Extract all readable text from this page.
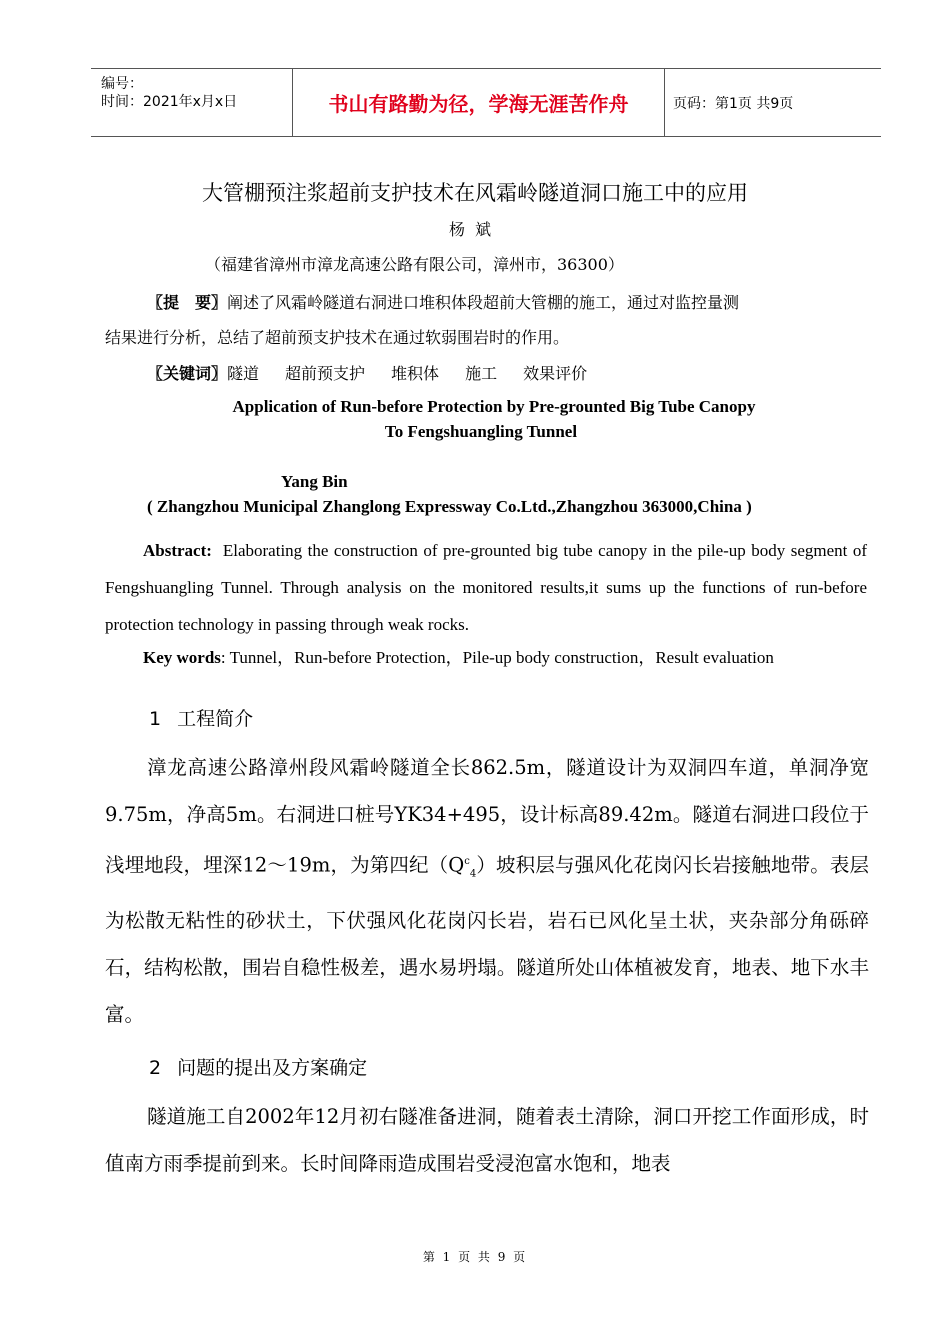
编号：
时间：2021年x月x日	书山有路勤为径，学海无涯苦作舟	页码：第1页 共9页
大管棚预注浆超前支护技术在风霜岭隧道洞口施工中的应用
杨斌
（福建省漳州市漳龙高速公路有限公司，漳州市，36300）
〖提　要〗阐述了风霜岭隧道右洞进口堆积体段超前大管棚的施工，通过对监控量测
结果进行分析，总结了超前预支护技术在通过软弱围岩时的作用。
〖关键词〗隧道 超前预支护 堆积体 施工 效果评价
Application of Run-before Protection by Pre-grounted Big Tube Canopy
To Fengshuangling Tunnel
Yang Bin
( Zhangzhou Municipal Zhanglong Expressway Co.Ltd.,Zhangzhou 363000,China )

Abstract: Elaborating the construction of pre-grounted big tube canopy in the pile-up body segment of Fengshuangling Tunnel. Through analysis on the monitored results,it sums up the functions of run-before protection technology in passing through weak rocks.

Key words: Tunnel，Run-before Protection，Pile-up body construction，Result evaluation
1 工程简介

漳龙高速公路漳州段风霜岭隧道全长862.5m，隧道设计为双洞四车道，单洞净宽9.75m，净高5m。右洞进口桩号YK34+495，设计标高89.42m。隧道右洞进口段位于浅埋地段，埋深12～19m，为第四纪$(Q^c_4)$坡积层与强风化花岗闪长岩接触地带。表层为松散无粘性的砂状土，下伏强风化花岗闪长岩，岩石已风化呈土状，夹杂部分角砾碎石，结构松散，围岩自稳性极差，遇水易坍塌。隧道所处山体植被发育，地表、地下水丰富。

2 问题的提出及方案确定

隧道施工自2002年12月初右隧准备进洞，随着表土清除，洞口开挖工作面形成，时值南方雨季提前到来。长时间降雨造成围岩受浸泡富水饱和，地表

第 1 页 共 9 页
